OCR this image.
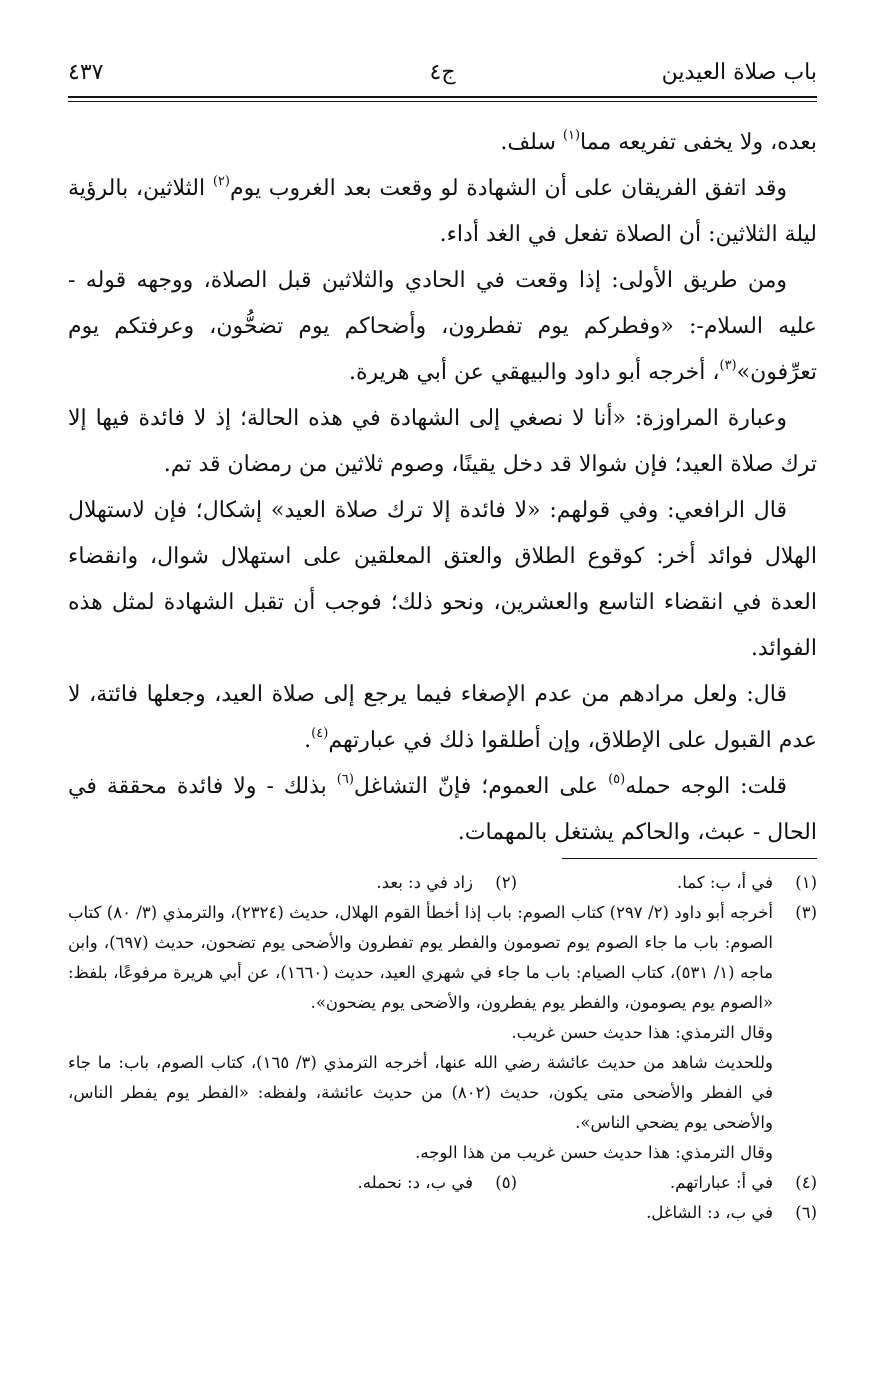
باب صلاة العيدين
ج٤
٤٣٧

بعده، ولا يخفى تفريعه مما$^{(١)}$ سلف.

وقد اتفق الفريقان على أن الشهادة لو وقعت بعد الغروب يوم$^{(٢)}$ الثلاثين، بالرؤية ليلة الثلاثين: أن الصلاة تفعل في الغد أداء.

ومن طريق الأولى: إذا وقعت في الحادي والثلاثين قبل الصلاة، ووجهه قوله - عليه السلام-: «وفطركم يوم تفطرون، وأضحاكم يوم تضحُّون، وعرفتكم يوم تعرِّفون»$^{(٣)}$، أخرجه أبو داود والبيهقي عن أبي هريرة.

وعبارة المراوزة: «أنا لا نصغي إلى الشهادة في هذه الحالة؛ إذ لا فائدة فيها إلا ترك صلاة العيد؛ فإن شوالا قد دخل يقينًا، وصوم ثلاثين من رمضان قد تم.

قال الرافعي: وفي قولهم: «لا فائدة إلا ترك صلاة العيد» إشكال؛ فإن لاستهلال الهلال فوائد أخر: كوقوع الطلاق والعتق المعلقين على استهلال شوال، وانقضاء العدة في انقضاء التاسع والعشرين، ونحو ذلك؛ فوجب أن تقبل الشهادة لمثل هذه الفوائد.

قال: ولعل مرادهم من عدم الإصغاء فيما يرجع إلى صلاة العيد، وجعلها فائتة، لا عدم القبول على الإطلاق، وإن أطلقوا ذلك في عبارتهم$^{(٤)}$.

قلت: الوجه حمله$^{(٥)}$ على العموم؛ فإنّ التشاغل$^{(٦)}$ بذلك - ولا فائدة محققة في الحال - عبث، والحاكم يشتغل بالمهمات.

(١)
في أ، ب: كما.
(٢)
زاد في د: بعد.
(٣)
أخرجه أبو داود (٢/ ٢٩٧) كتاب الصوم: باب إذا أخطأ القوم الهلال، حديث (٢٣٢٤)، والترمذي (٣/ ٨٠) كتاب الصوم: باب ما جاء الصوم يوم تصومون والفطر يوم تفطرون والأضحى يوم تضحون، حديث (٦٩٧)، وابن ماجه (١/ ٥٣١)، كتاب الصيام: باب ما جاء في شهري العيد، حديث (١٦٦٠)، عن أبي هريرة مرفوعًا، بلفظ: «الصوم يوم يصومون، والفطر يوم يفطرون، والأضحى يوم يضحون».
وقال الترمذي: هذا حديث حسن غريب.
وللحديث شاهد من حديث عائشة رضي الله عنها، أخرجه الترمذي (٣/ ١٦٥)، كتاب الصوم، باب: ما جاء في الفطر والأضحى متى يكون، حديث (٨٠٢) من حديث عائشة، ولفظه: «الفطر يوم يفطر الناس، والأضحى يوم يضحي الناس».
وقال الترمذي: هذا حديث حسن غريب من هذا الوجه.
(٤)
في أ: عباراتهم.
(٥)
في ب، د: نحمله.
(٦)
في ب، د: الشاغل.
